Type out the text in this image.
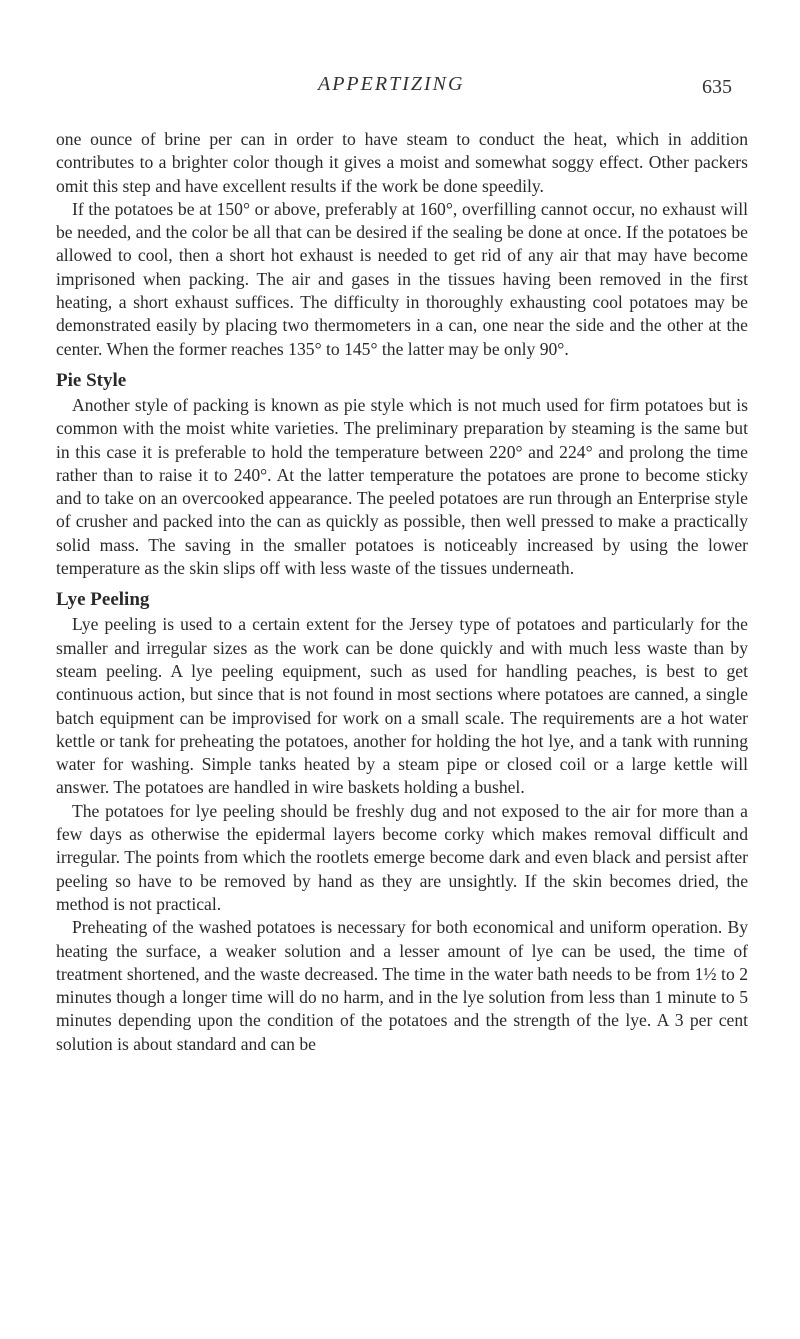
APPERTIZING	635

one ounce of brine per can in order to have steam to conduct the heat, which in addition contributes to a brighter color though it gives a moist and somewhat soggy effect. Other packers omit this step and have excellent results if the work be done speedily.

If the potatoes be at 150° or above, preferably at 160°, overfilling cannot occur, no exhaust will be needed, and the color be all that can be desired if the sealing be done at once. If the potatoes be allowed to cool, then a short hot exhaust is needed to get rid of any air that may have become imprisoned when packing. The air and gases in the tissues having been removed in the first heating, a short exhaust suffices. The difficulty in thoroughly exhausting cool potatoes may be demonstrated easily by placing two thermometers in a can, one near the side and the other at the center. When the former reaches 135° to 145° the latter may be only 90°.

Pie Style

Another style of packing is known as pie style which is not much used for firm potatoes but is common with the moist white varieties. The preliminary preparation by steaming is the same but in this case it is preferable to hold the temperature between 220° and 224° and prolong the time rather than to raise it to 240°. At the latter temperature the potatoes are prone to become sticky and to take on an overcooked appearance. The peeled potatoes are run through an Enterprise style of crusher and packed into the can as quickly as possible, then well pressed to make a practically solid mass. The saving in the smaller potatoes is noticeably increased by using the lower temperature as the skin slips off with less waste of the tissues underneath.

Lye Peeling

Lye peeling is used to a certain extent for the Jersey type of potatoes and particularly for the smaller and irregular sizes as the work can be done quickly and with much less waste than by steam peeling. A lye peeling equipment, such as used for handling peaches, is best to get continuous action, but since that is not found in most sections where potatoes are canned, a single batch equipment can be improvised for work on a small scale. The requirements are a hot water kettle or tank for preheating the potatoes, another for holding the hot lye, and a tank with running water for washing. Simple tanks heated by a steam pipe or closed coil or a large kettle will answer. The potatoes are handled in wire baskets holding a bushel.

The potatoes for lye peeling should be freshly dug and not exposed to the air for more than a few days as otherwise the epidermal layers become corky which makes removal difficult and irregular. The points from which the rootlets emerge become dark and even black and persist after peeling so have to be removed by hand as they are unsightly. If the skin becomes dried, the method is not practical.

Preheating of the washed potatoes is necessary for both economical and uniform operation. By heating the surface, a weaker solution and a lesser amount of lye can be used, the time of treatment shortened, and the waste decreased. The time in the water bath needs to be from 1½ to 2 minutes though a longer time will do no harm, and in the lye solution from less than 1 minute to 5 minutes depending upon the condition of the potatoes and the strength of the lye. A 3 per cent solution is about standard and can be
